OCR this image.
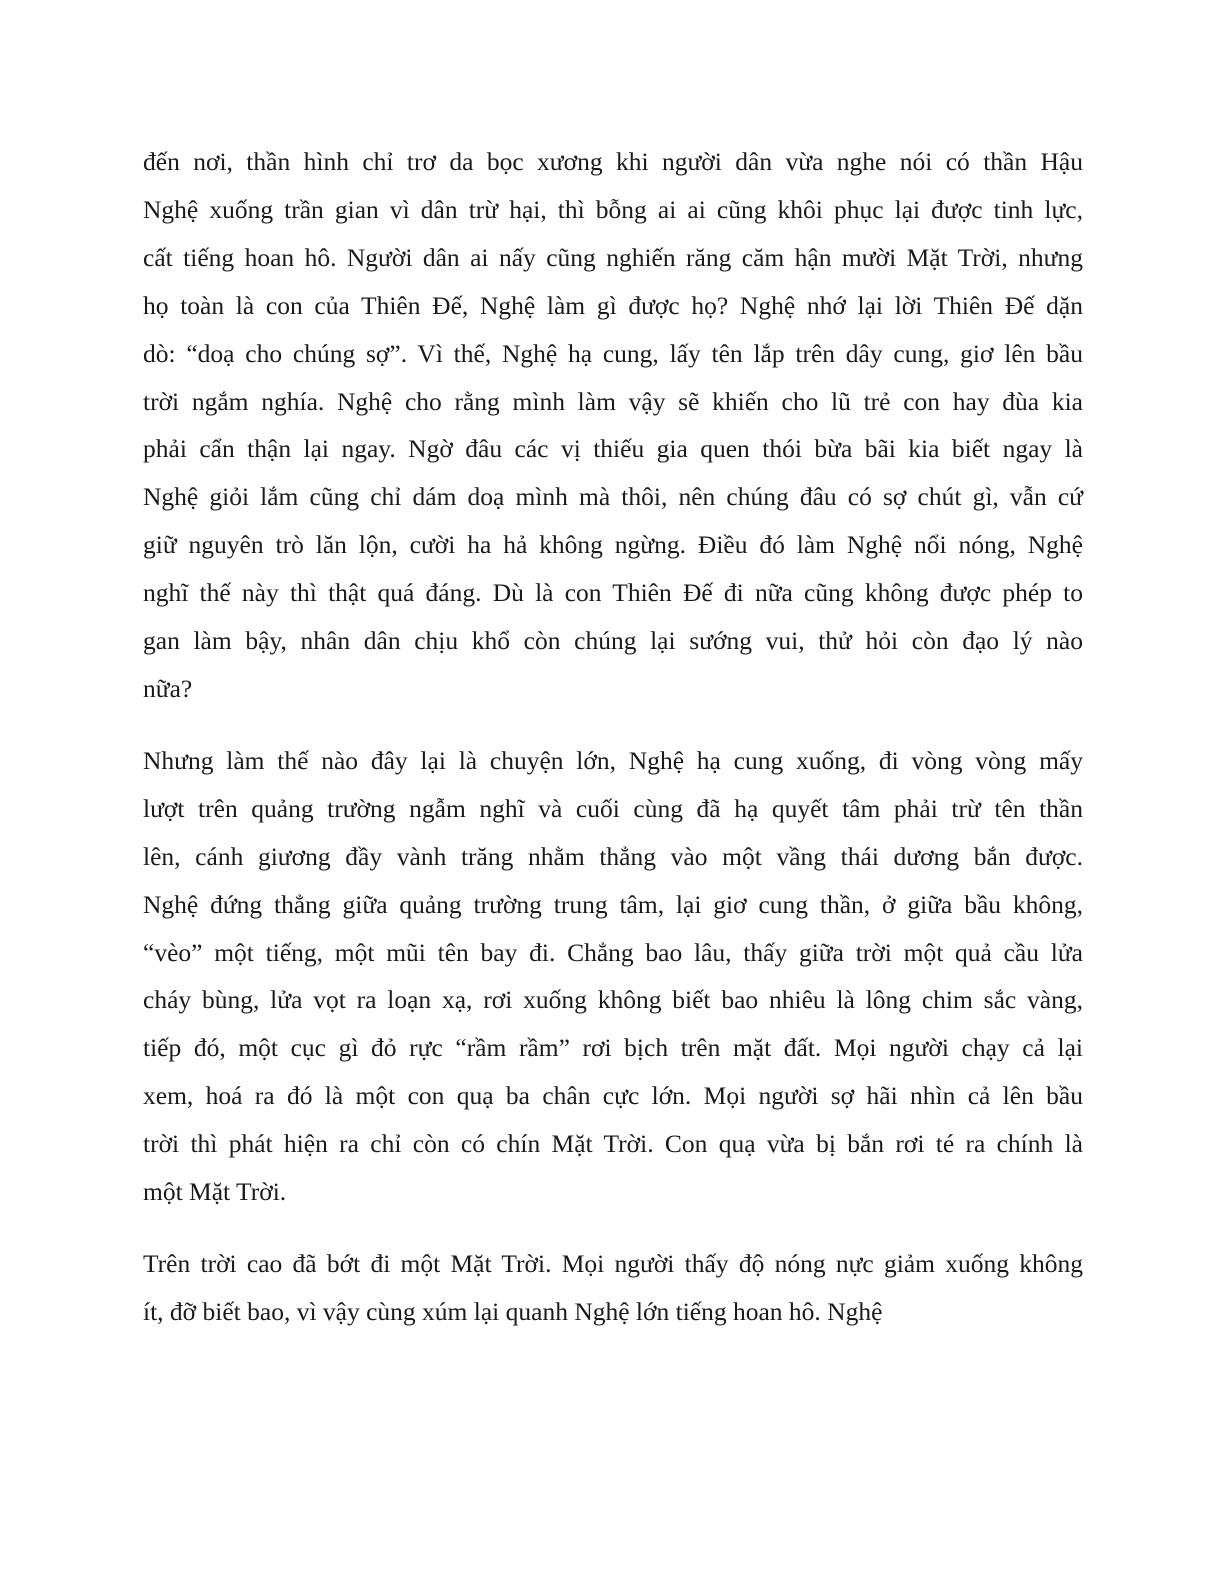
đến nơi, thần hình chỉ trơ da bọc xương khi người dân vừa nghe nói có thần Hậu
Nghệ xuống trần gian vì dân trừ hại, thì bỗng ai ai cũng khôi phục lại được tinh lực,
cất tiếng hoan hô. Người dân ai nấy cũng nghiến răng căm hận mười Mặt Trời, nhưng
họ toàn là con của Thiên Đế, Nghệ làm gì được họ? Nghệ nhớ lại lời Thiên Đế dặn
dò: “doạ cho chúng sợ”. Vì thế, Nghệ hạ cung, lấy tên lắp trên dây cung, giơ lên bầu
trời ngắm nghía. Nghệ cho rằng mình làm vậy sẽ khiến cho lũ trẻ con hay đùa kia
phải cẩn thận lại ngay. Ngờ đâu các vị thiếu gia quen thói bừa bãi kia biết ngay là
Nghệ giỏi lắm cũng chỉ dám doạ mình mà thôi, nên chúng đâu có sợ chút gì, vẫn cứ
giữ nguyên trò lăn lộn, cười ha hả không ngừng. Điều đó làm Nghệ nổi nóng, Nghệ
nghĩ thế này thì thật quá đáng. Dù là con Thiên Đế đi nữa cũng không được phép to
gan làm bậy, nhân dân chịu khổ còn chúng lại sướng vui, thử hỏi còn đạo lý nào
nữa?
Nhưng làm thế nào đây lại là chuyện lớn, Nghệ hạ cung xuống, đi vòng vòng mấy
lượt trên quảng trường ngẫm nghĩ và cuối cùng đã hạ quyết tâm phải trừ tên thần
lên, cánh giương đầy vành trăng nhằm thẳng vào một vầng thái dương bắn được.
Nghệ đứng thẳng giữa quảng trường trung tâm, lại giơ cung thần, ở giữa bầu không,
“vèo” một tiếng, một mũi tên bay đi. Chẳng bao lâu, thấy giữa trời một quả cầu lửa
cháy bùng, lửa vọt ra loạn xạ, rơi xuống không biết bao nhiêu là lông chim sắc vàng,
tiếp đó, một cục gì đỏ rực “rầm rầm” rơi bịch trên mặt đất. Mọi người chạy cả lại
xem, hoá ra đó là một con quạ ba chân cực lớn. Mọi người sợ hãi nhìn cả lên bầu
trời thì phát hiện ra chỉ còn có chín Mặt Trời. Con quạ vừa bị bắn rơi té ra chính là
một Mặt Trời.
Trên trời cao đã bớt đi một Mặt Trời. Mọi người thấy độ nóng nực giảm xuống không
ít, đỡ biết bao, vì vậy cùng xúm lại quanh Nghệ lớn tiếng hoan hô. Nghệ
